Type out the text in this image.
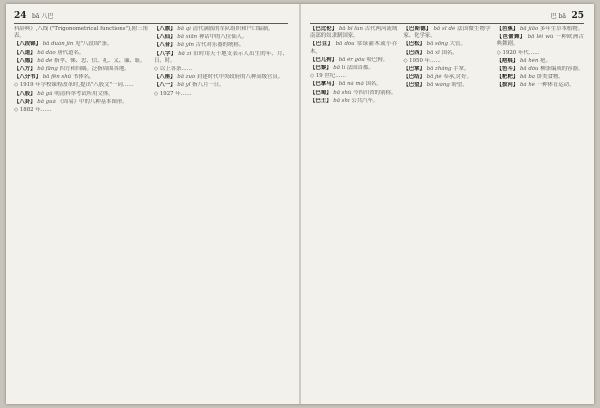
24 bā 八巴

科辞典》,八线 ("Trigonometrical functions"),附三角表。

【八段锦】 bā duàn jǐn 见"八段锦"条。

【八道】 bā dào 唐代道名。

【八德】 bā dé 指孝、悌、忠、信、礼、义、廉、耻。

【八方】 bā fāng 四方和四隅。泛指周围各地。

【八分书】 bā fēn shū 书体名。

◇ 1919 年学校课程改革时,提出"八股文"一词……

【八股】 bā gǔ 明清科举考试所用文体。

【八卦】 bā guà 《周易》中的八种基本图形。

◇ 1882 年……

【八旗】 bā qí 清代满族的军队组织和户口编制。

【八仙】 bā xiān 神话中的八位仙人。

【八音】 bā yīn 古代对乐器的统称。

【八字】 bā zì 旧时用天干地支表示人出生的年、月、日、时。

◇ 以上各条……

【八座】 bā zuò 封建时代中央政府的八种高级官员。

【八一】 bā yī 指八月一日。

◇ 1927 年……

巴 bā 25

【巴比伦】 bā bǐ lún 古代两河流域南部的奴隶制国家。

【巴豆】 bā dòu 常绿灌木或小乔木。

【巴儿狗】 bā ér gǒu 哈巴狗。

【巴黎】 bā lí 法国首都。

◇ 19 世纪……

【巴拿马】 bā ná mǎ 国名。

【巴蜀】 bā shǔ 今四川省的别称。

【巴士】 bā shì 公共汽车。

【巴斯德】 bā sī dé 法国微生物学家、化学家。

【巴松】 bā sōng 大管。

【巴西】 bā xī 国名。

◇ 1950 年……

【巴掌】 bā zhǎng 手掌。

【巴结】 bā jié 奉承,讨好。

【巴望】 bā wàng 盼望。

【芭蕉】 bā jiāo 多年生草本植物。

【芭蕾舞】 bā lěi wǔ 一种欧洲古典舞剧。

◇ 1920 年代……

【疤痕】 bā hén 疤。

【笆斗】 bā dǒu 柳条编成的容器。

【粑粑】 bā ba 饼类食物。

【拔河】 bá hé 一种体育运动。
